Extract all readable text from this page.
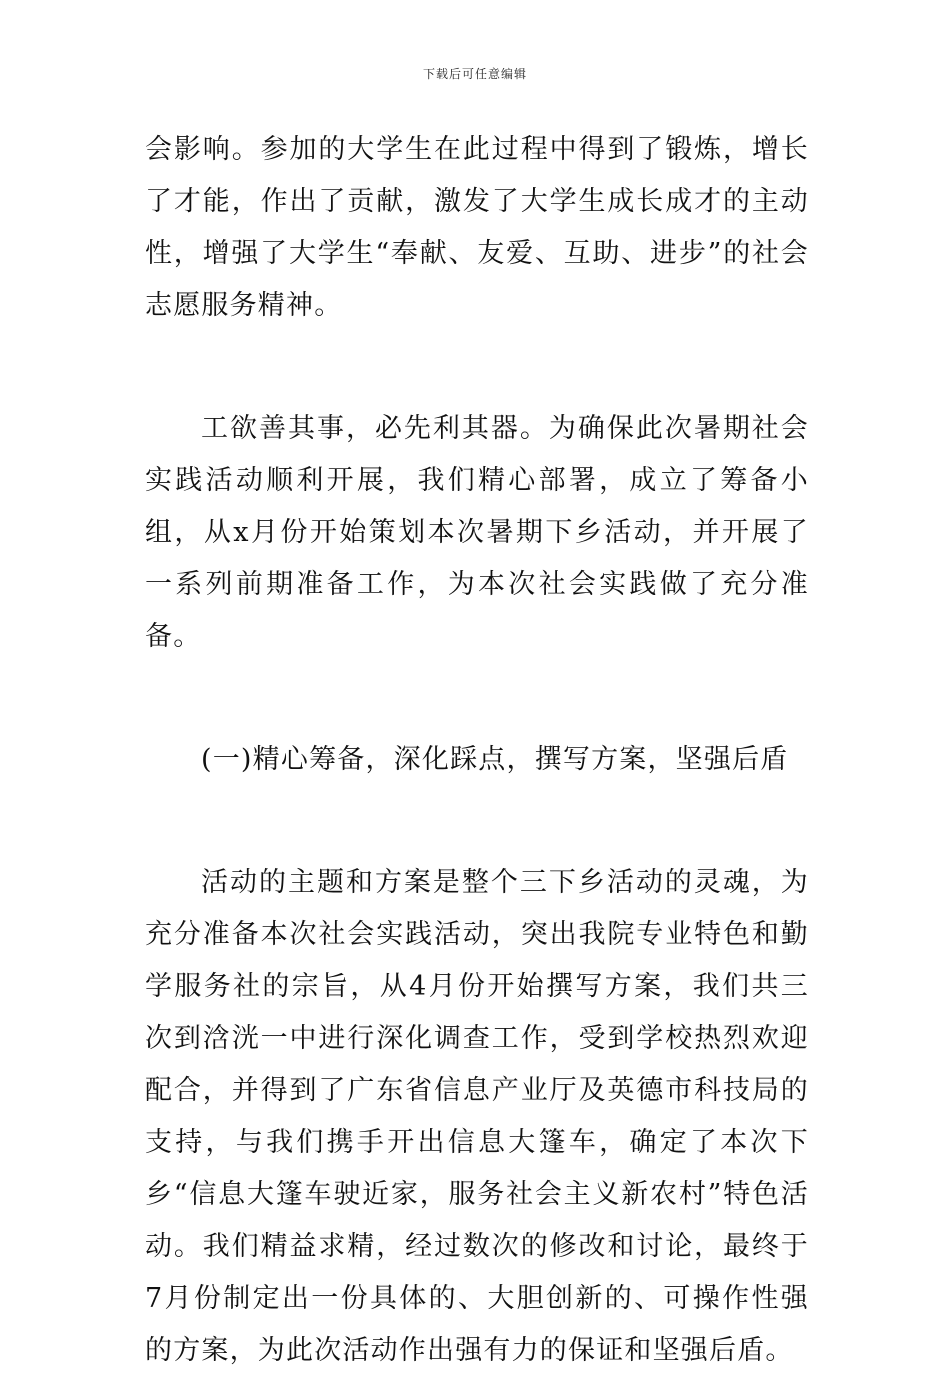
下载后可任意编辑

会影响。参加的大学生在此过程中得到了锻炼，增长了才能，作出了贡献，激发了大学生成长成才的主动性，增强了大学生“奉献、友爱、互助、进步”的社会志愿服务精神。

工欲善其事，必先利其器。为确保此次暑期社会实践活动顺利开展，我们精心部署，成立了筹备小组，从x月份开始策划本次暑期下乡活动，并开展了一系列前期准备工作，为本次社会实践做了充分准备。

(一)精心筹备，深化踩点，撰写方案，坚强后盾

活动的主题和方案是整个三下乡活动的灵魂，为充分准备本次社会实践活动，突出我院专业特色和勤学服务社的宗旨，从4月份开始撰写方案，我们共三次到浛洸一中进行深化调查工作，受到学校热烈欢迎配合，并得到了广东省信息产业厅及英德市科技局的支持，与我们携手开出信息大篷车，确定了本次下乡“信息大篷车驶近家，服务社会主义新农村”特色活动。我们精益求精，经过数次的修改和讨论，最终于7月份制定出一份具体的、大胆创新的、可操作性强的方案，为此次活动作出强有力的保证和坚强后盾。
